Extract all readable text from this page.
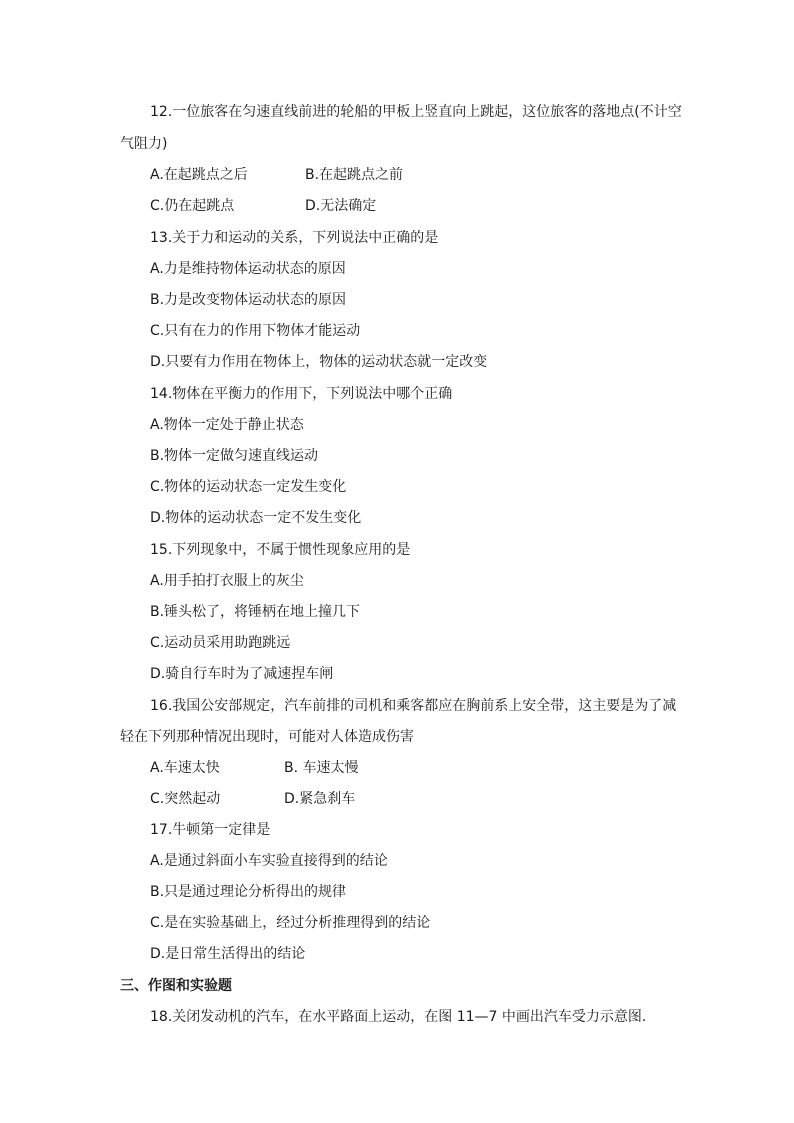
12.一位旅客在匀速直线前进的轮船的甲板上竖直向上跳起，这位旅客的落地点(不计空
气阻力)
A.在起跳点之后	B.在起跳点之前
C.仍在起跳点	D.无法确定
13.关于力和运动的关系，下列说法中正确的是
A.力是维持物体运动状态的原因
B.力是改变物体运动状态的原因
C.只有在力的作用下物体才能运动
D.只要有力作用在物体上，物体的运动状态就一定改变
14.物体在平衡力的作用下，下列说法中哪个正确
A.物体一定处于静止状态
B.物体一定做匀速直线运动
C.物体的运动状态一定发生变化
D.物体的运动状态一定不发生变化
15.下列现象中，不属于惯性现象应用的是
A.用手拍打衣服上的灰尘
B.锤头松了，将锤柄在地上撞几下
C.运动员采用助跑跳远
D.骑自行车时为了减速捏车闸
16.我国公安部规定，汽车前排的司机和乘客都应在胸前系上安全带，这主要是为了减
轻在下列那种情况出现时，可能对人体造成伤害
A.车速太快	B. 车速太慢
C.突然起动	D.紧急刹车
17.牛顿第一定律是
A.是通过斜面小车实验直接得到的结论
B.只是通过理论分析得出的规律
C.是在实验基础上，经过分析推理得到的结论
D.是日常生活得出的结论
三、作图和实验题
18.关闭发动机的汽车，在水平路面上运动，在图 11—7 中画出汽车受力示意图.
